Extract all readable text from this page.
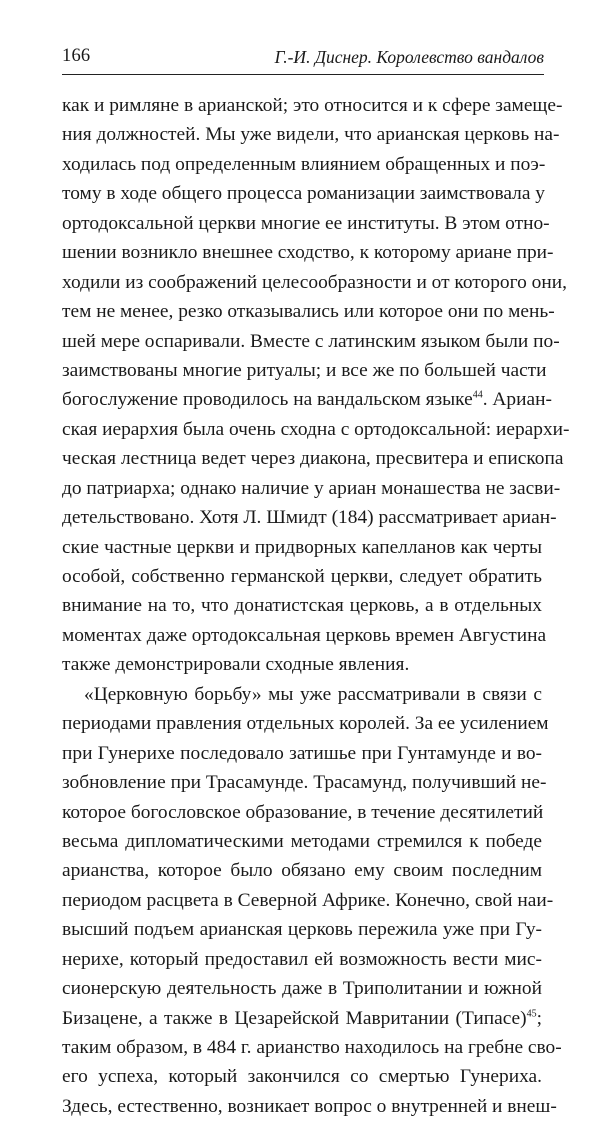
166	Г.-И. Диснер. Королевство вандалов
как и римляне в арианской; это относится и к сфере замеще-
ния должностей. Мы уже видели, что арианская церковь на-
ходилась под определенным влиянием обращенных и поэ-
тому в ходе общего процесса романизации заимствовала у
ортодоксальной церкви многие ее институты. В этом отно-
шении возникло внешнее сходство, к которому ариане при-
ходили из соображений целесообразности и от которого они,
тем не менее, резко отказывались или которое они по мень-
шей мере оспаривали. Вместе с латинским языком были по-
заимствованы многие ритуалы; и все же по большей части
богослужение проводилось на вандальском языке$^{44}$. Ариан-
ская иерархия была очень сходна с ортодоксальной: иерархи-
ческая лестница ведет через диакона, пресвитера и епископа
до патриарха; однако наличие у ариан монашества не засви-
детельствовано. Хотя Л. Шмидт (184) рассматривает ариан-
ские частные церкви и придворных капелланов как черты
особой, собственно германской церкви, следует обратить
внимание на то, что донатистская церковь, а в отдельных
моментах даже ортодоксальная церковь времен Августина
также демонстрировали сходные явления.
«Церковную борьбу» мы уже рассматривали в связи с
периодами правления отдельных королей. За ее усилением
при Гунерихе последовало затишье при Гунтамунде и во-
зобновление при Трасамунде. Трасамунд, получивший не-
которое богословское образование, в течение десятилетий
весьма дипломатическими методами стремился к победе
арианства, которое было обязано ему своим последним
периодом расцвета в Северной Африке. Конечно, свой наи-
высший подъем арианская церковь пережила уже при Гу-
нерихе, который предоставил ей возможность вести мис-
сионерскую деятельность даже в Триполитании и южной
Бизацене, а также в Цезарейской Мавритании (Типасе)$^{45}$;
таким образом, в 484 г. арианство находилось на гребне сво-
его успеха, который закончился со смертью Гунериха.
Здесь, естественно, возникает вопрос о внутренней и внеш-
